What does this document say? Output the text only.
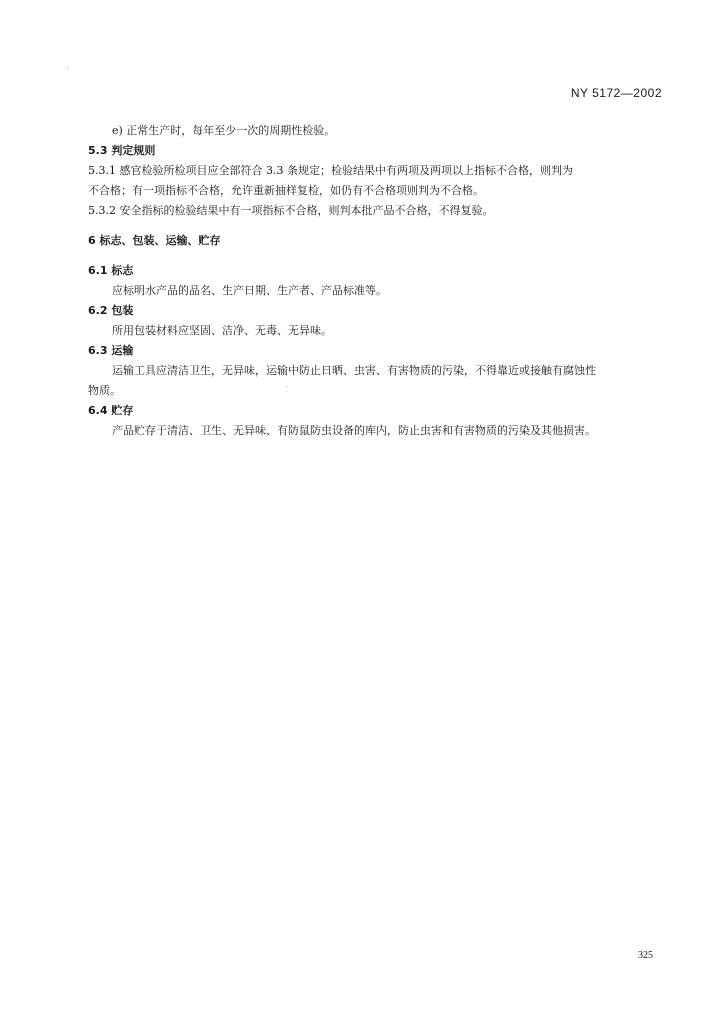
NY 5172—2002
e) 正常生产时，每年至少一次的周期性检验。
5.3 判定规则
5.3.1 感官检验所检项目应全部符合 3.3 条规定；检验结果中有两项及两项以上指标不合格，则判为
不合格；有一项指标不合格，允许重新抽样复检，如仍有不合格项则判为不合格。
5.3.2 安全指标的检验结果中有一项指标不合格，则判本批产品不合格，不得复验。
6 标志、包装、运输、贮存
6.1 标志
应标明水产品的品名、生产日期、生产者、产品标准等。
6.2 包装
所用包装材料应坚固、洁净、无毒、无异味。
6.3 运输
运输工具应清洁卫生，无异味，运输中防止日晒、虫害、有害物质的污染，不得靠近或接触有腐蚀性
物质。
6.4 贮存
产品贮存于清洁、卫生、无异味、有防鼠防虫设备的库内，防止虫害和有害物质的污染及其他损害。
325
